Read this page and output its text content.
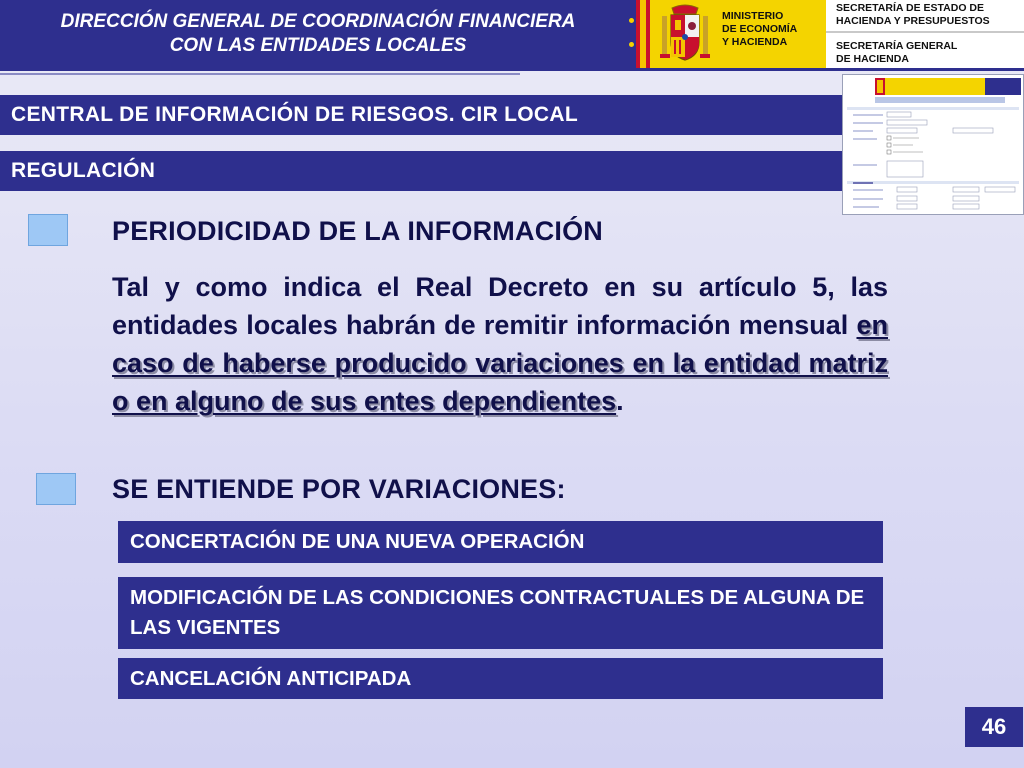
DIRECCIÓN GENERAL DE COORDINACIÓN FINANCIERA
CON LAS ENTIDADES LOCALES
MINISTERIO
DE ECONOMÍA
Y HACIENDA
SECRETARÍA DE ESTADO DE
HACIENDA Y PRESUPUESTOS
SECRETARÍA GENERAL
DE HACIENDA
CENTRAL DE INFORMACIÓN DE RIESGOS. CIR LOCAL
REGULACIÓN
PERIODICIDAD DE LA INFORMACIÓN
Tal y como indica el Real Decreto en su artículo 5, las entidades locales habrán de remitir información mensual en caso de haberse producido variaciones en la entidad matriz o en alguno de sus entes dependientes.
SE ENTIENDE POR VARIACIONES:
CONCERTACIÓN DE UNA NUEVA OPERACIÓN
MODIFICACIÓN DE LAS CONDICIONES CONTRACTUALES DE ALGUNA DE LAS VIGENTES
CANCELACIÓN ANTICIPADA
46
